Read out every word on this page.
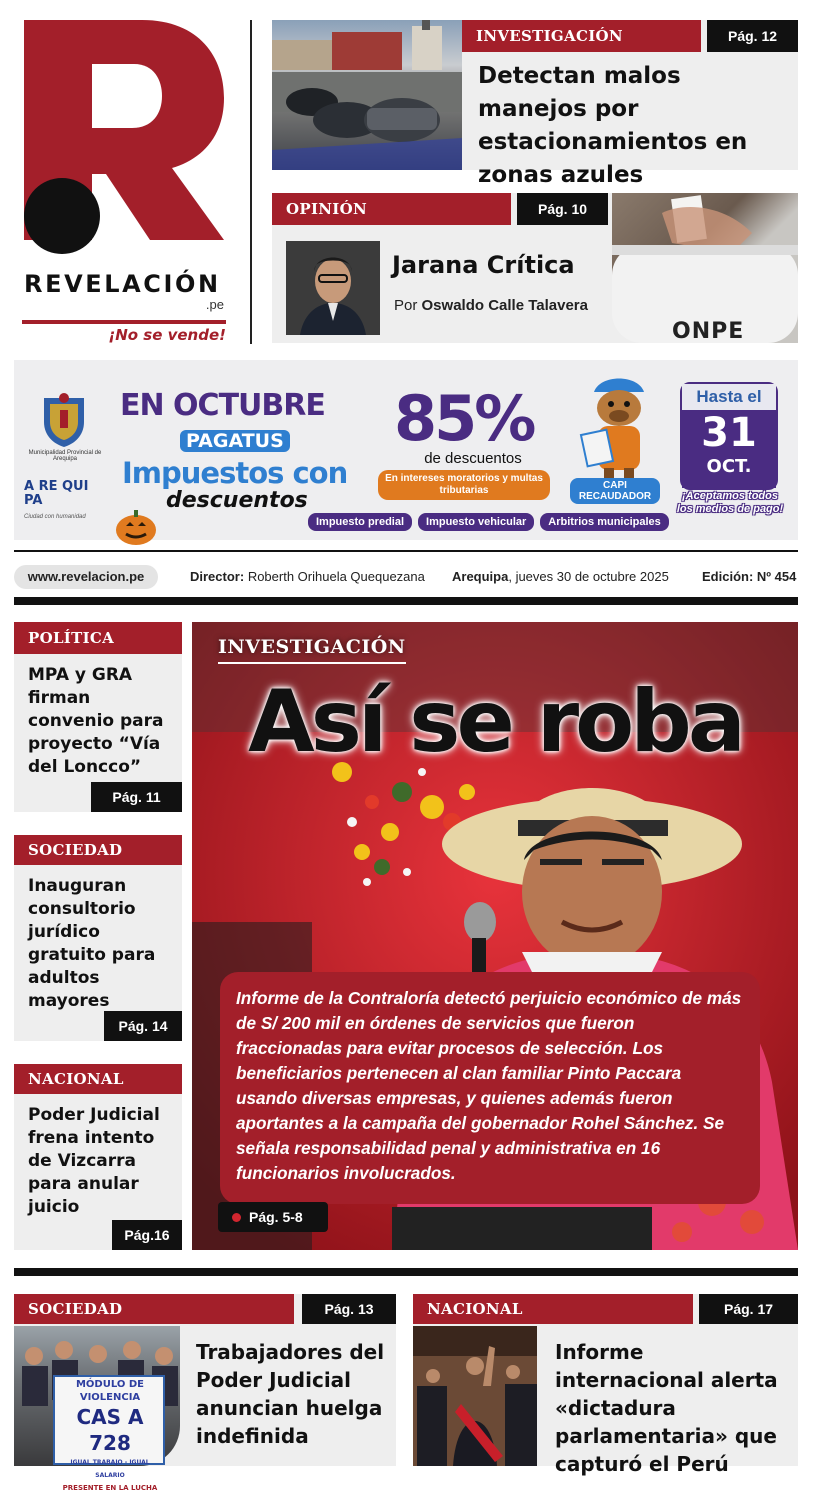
REVELACIÓN
.pe
¡No se vende!
INVESTIGACIÓN	Pág. 12
Detectan malos manejos por estacionamientos en zonas azules
OPINIÓN	Pág. 10
Jarana Crítica
Por Oswaldo Calle Talavera
ONPE
Municipalidad Provincial de Arequipa
A RE QUI PA
Ciudad con humanidad
EN OCTUBRE
PAGATUS
Impuestos con
descuentos
85%
de descuentos
En intereses moratorios y multas tributarias
Impuesto predial	Impuesto vehicular	Arbitrios municipales
CAPI RECAUDADOR
Hasta el
31
OCT.
¡Aceptamos todos los medios de pago!
www.revelacion.pe	Director: Roberth Orihuela Quequezana Arequipa, jueves 30 de octubre 2025	Edición: Nº 454
POLÍTICA
MPA y GRA firman convenio para proyecto “Vía del Loncco”
Pág. 11
SOCIEDAD
Inauguran consultorio jurídico gratuito para adultos mayores
Pág. 14
NACIONAL
Poder Judicial frena intento de Vizcarra para anular juicio
Pág.16
INVESTIGACIÓN
Así se roba
Informe de la Contraloría detectó perjuicio económico de más de S/ 200 mil en órdenes de servicios que fueron fraccionadas para evitar procesos de selección. Los beneficiarios pertenecen al clan familiar Pinto Paccara usando diversas empresas, y quienes además fueron aportantes a la campaña del gobernador Rohel Sánchez. Se señala responsabilidad penal y administrativa en 16 funcionarios involucrados.
Pág. 5-8
SOCIEDAD	Pág. 13
MÓDULO DE
VIOLENCIA
CAS A 728
IGUAL TRABAJO - IGUAL SALARIO
PRESENTE EN LA LUCHA
Trabajadores del Poder Judicial anuncian huelga indefinida
NACIONAL	Pág. 17
Informe internacional alerta «dictadura parlamentaria» que capturó el Perú
